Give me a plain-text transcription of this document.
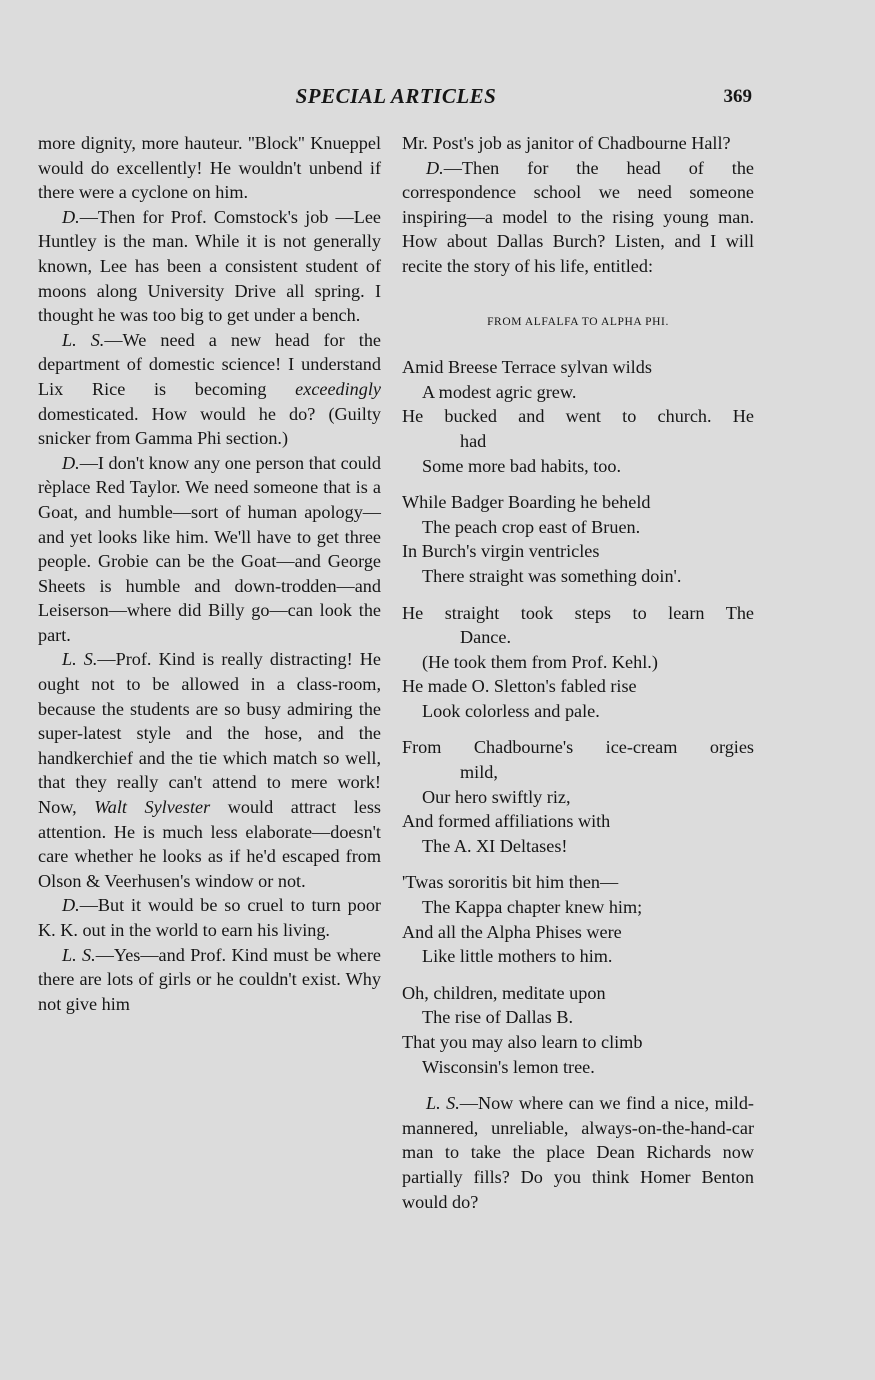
SPECIAL ARTICLES	369

more dignity, more hauteur. ''Block'' Knueppel would do excellently! He wouldn't unbend if there were a cyclone on him.

D.—Then for Prof. Comstock's job —Lee Huntley is the man. While it is not generally known, Lee has been a consistent student of moons along University Drive all spring. I thought he was too big to get under a bench.

L. S.—We need a new head for the department of domestic science! I understand Lix Rice is becoming exceedingly domesticated. How would he do? (Guilty snicker from Gamma Phi section.)

D.—I don't know any one person that could rèplace Red Taylor. We need someone that is a Goat, and humble—sort of human apology—and yet looks like him. We'll have to get three people. Grobie can be the Goat—and George Sheets is humble and down-trodden—and Leiserson—where did Billy go—can look the part.

L. S.—Prof. Kind is really distracting! He ought not to be allowed in a class-room, because the students are so busy admiring the super-latest style and the hose, and the handkerchief and the tie which match so well, that they really can't attend to mere work! Now, Walt Sylvester would attract less attention. He is much less elaborate—doesn't care whether he looks as if he'd escaped from Olson & Veerhusen's window or not.

D.—But it would be so cruel to turn poor K. K. out in the world to earn his living.

L. S.—Yes—and Prof. Kind must be where there are lots of girls or he couldn't exist. Why not give him

Mr. Post's job as janitor of Chadbourne Hall?

D.—Then for the head of the correspondence school we need someone inspiring—a model to the rising young man. How about Dallas Burch? Listen, and I will recite the story of his life, entitled:

FROM ALFALFA TO ALPHA PHI.
Amid Breese Terrace sylvan wilds
A modest agric grew.
He bucked and went to church. He
had
Some more bad habits, too.
While Badger Boarding he beheld
The peach crop east of Bruen.
In Burch's virgin ventricles
There straight was something doin'.
He straight took steps to learn The
Dance.
(He took them from Prof. Kehl.)
He made O. Sletton's fabled rise
Look colorless and pale.
From Chadbourne's ice-cream orgies
mild,
Our hero swiftly riz,
And formed affiliations with
The A. XI Deltases!
'Twas sororitis bit him then—
The Kappa chapter knew him;
And all the Alpha Phises were
Like little mothers to him.
Oh, children, meditate upon
The rise of Dallas B.
That you may also learn to climb
Wisconsin's lemon tree.

L. S.—Now where can we find a nice, mild-mannered, unreliable, always-on-the-hand-car man to take the place Dean Richards now partially fills? Do you think Homer Benton would do?
